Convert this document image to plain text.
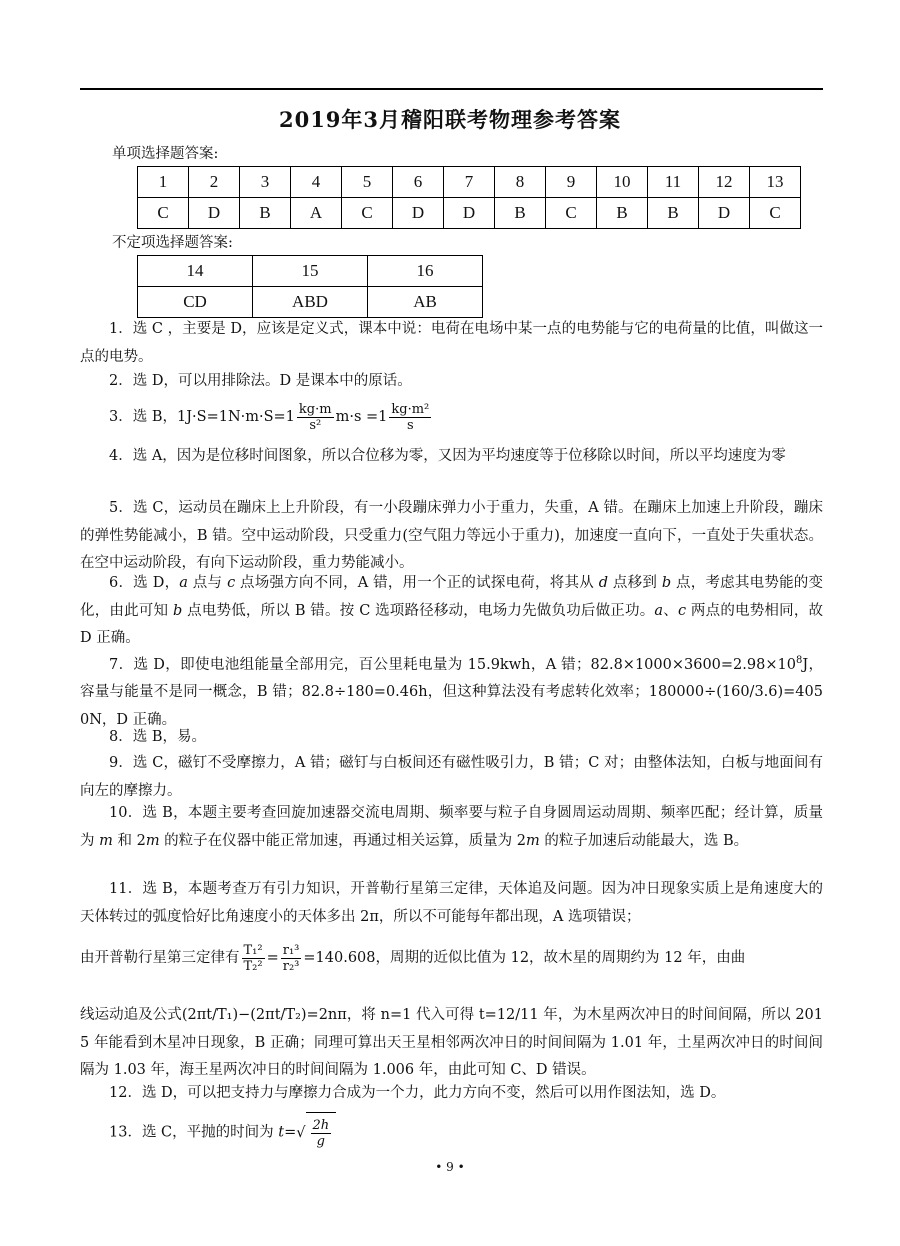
2019年3月稽阳联考物理参考答案
单项选择题答案:
1	2	3	4	5	6	7	8	9	10	11	12	13
C	D	B	A	C	D	D	B	C	B	B	D	C
不定项选择题答案:
14	15	16
CD	ABD	AB
1．选 C ，主要是 D，应该是定义式，课本中说：电荷在电场中某一点的电势能与它的电荷量的比值，叫做这一点的电势。
2．选 D，可以用排除法。D 是课本中的原话。
3．选 B，$1J\cdot S=1N\cdot m\cdot S=1 \frac{kg\cdot m}{\text{s²}} m\cdot s =1 \frac{\text{kg·m²}}{s}$
4．选 A，因为是位移时间图象，所以合位移为零，又因为平均速度等于位移除以时间，所以平均速度为零
5．选 C，运动员在蹦床上上升阶段，有一小段蹦床弹力小于重力，失重，A 错。在蹦床上加速上升阶段，蹦床的弹性势能减小，B 错。空中运动阶段，只受重力(空气阻力等远小于重力)，加速度一直向下，一直处于失重状态。在空中运动阶段，有向下运动阶段，重力势能减小。
6．选 D，a 点与 c 点场强方向不同，A 错，用一个正的试探电荷，将其从 d 点移到 b 点，考虑其电势能的变化，由此可知 b 点电势低，所以 B 错。按 C 选项路径移动，电场力先做负功后做正功。a、c 两点的电势相同，故 D 正确。
7．选 D，即使电池组能量全部用完，百公里耗电量为 15.9kwh，A 错；$82.8\times 1000\times 3600=2.98\times 10^8J$，容量与能量不是同一概念，B 错；82.8÷180=0.46h，但这种算法没有考虑转化效率；180000÷(160/3.6)=4050N，D 正确。
8．选 B，易。
9．选 C，磁钉不受摩擦力，A 错；磁钉与白板间还有磁性吸引力，B 错；C 对；由整体法知，白板与地面间有向左的摩擦力。
10．选 B，本题主要考查回旋加速器交流电周期、频率要与粒子自身圆周运动周期、频率匹配；经计算，质量为 m 和 2m 的粒子在仪器中能正常加速，再通过相关运算，质量为 2m 的粒子加速后动能最大，选 B。
11．选 B，本题考查万有引力知识，开普勒行星第三定律，天体追及问题。因为冲日现象实质上是角速度大的天体转过的弧度恰好比角速度小的天体多出 2π，所以不可能每年都出现，A 选项错误；
由开普勒行星第三定律有 $\frac{\text{T₁²}}{\text{T₂²}} = \frac{\text{r₁³}}{\text{r₂³}} =140.608$，周期的近似比值为 12，故木星的周期约为 12 年，由曲
线运动追及公式(2πt/T₁)−(2πt/T₂)=2nπ，将 n=1 代入可得 t=12/11 年，为木星两次冲日的时间间隔，所以 2015 年能看到木星冲日现象，B 正确；同理可算出天王星相邻两次冲日的时间间隔为 1.01 年，土星两次冲日的时间间隔为 1.03 年，海王星两次冲日的时间间隔为 1.006 年，由此可知 C、D 错误。
12．选 D，可以把支持力与摩擦力合成为一个力，此力方向不变，然后可以用作图法知，选 D。
13．选 C，平抛的时间为 $t=√ \frac{2h}{g}$
• 9 •
